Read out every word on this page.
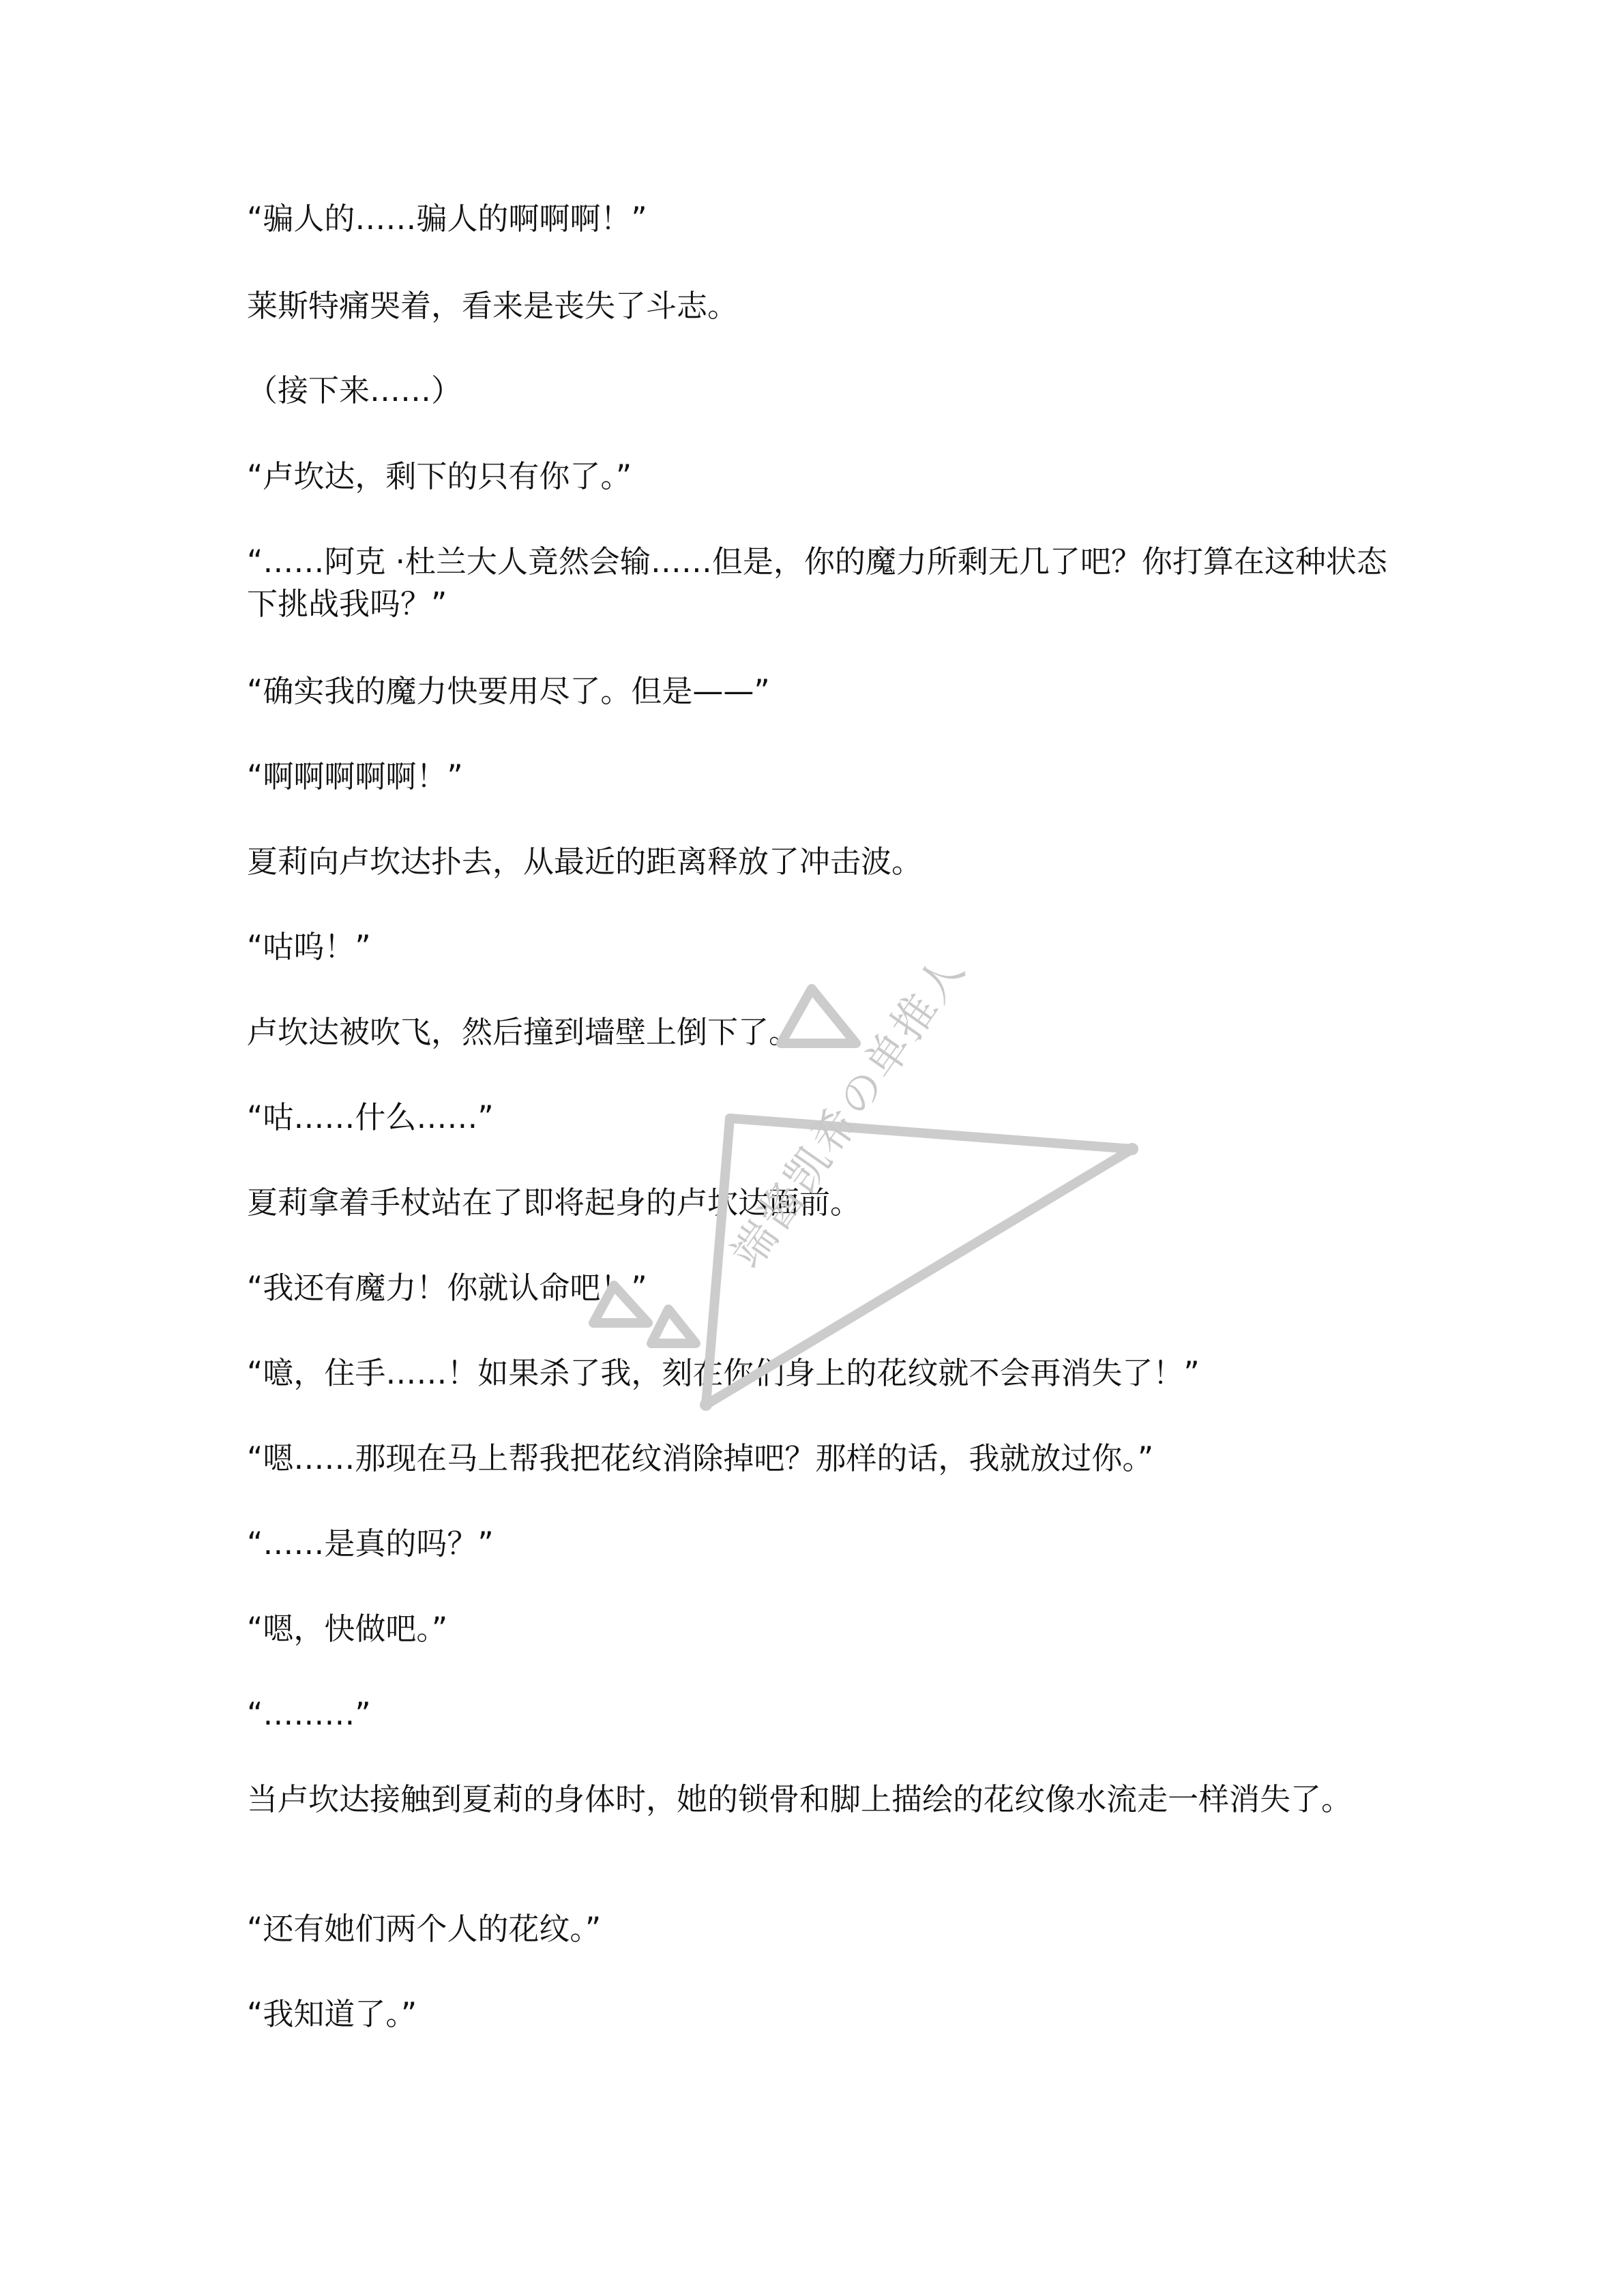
“骗人的……骗人的啊啊啊！”

莱斯特痛哭着，看来是丧失了斗志。

（接下来……）

“卢坎达，剩下的只有你了。”

“……阿克 ·杜兰大人竟然会输……但是，你的魔力所剩无几了吧？你打算在这种状态下挑战我吗？”

“确实我的魔力快要用尽了。但是——”

“啊啊啊啊啊！”

夏莉向卢坎达扑去，从最近的距离释放了冲击波。

“咕呜！”

卢坎达被吹飞，然后撞到墙壁上倒下了。

“咕……什么……”

夏莉拿着手杖站在了即将起身的卢坎达面前。

“我还有魔力！你就认命吧！”

“噫，住手……！如果杀了我，刻在你们身上的花纹就不会再消失了！”

“嗯……那现在马上帮我把花纹消除掉吧？那样的话，我就放过你。”

“……是真的吗？”

“嗯，快做吧。”

“………”

当卢坎达接触到夏莉的身体时，她的锁骨和脚上描绘的花纹像水流走一样消失了。

“还有她们两个人的花纹。”

“我知道了。”

端酱凯希の单推人
